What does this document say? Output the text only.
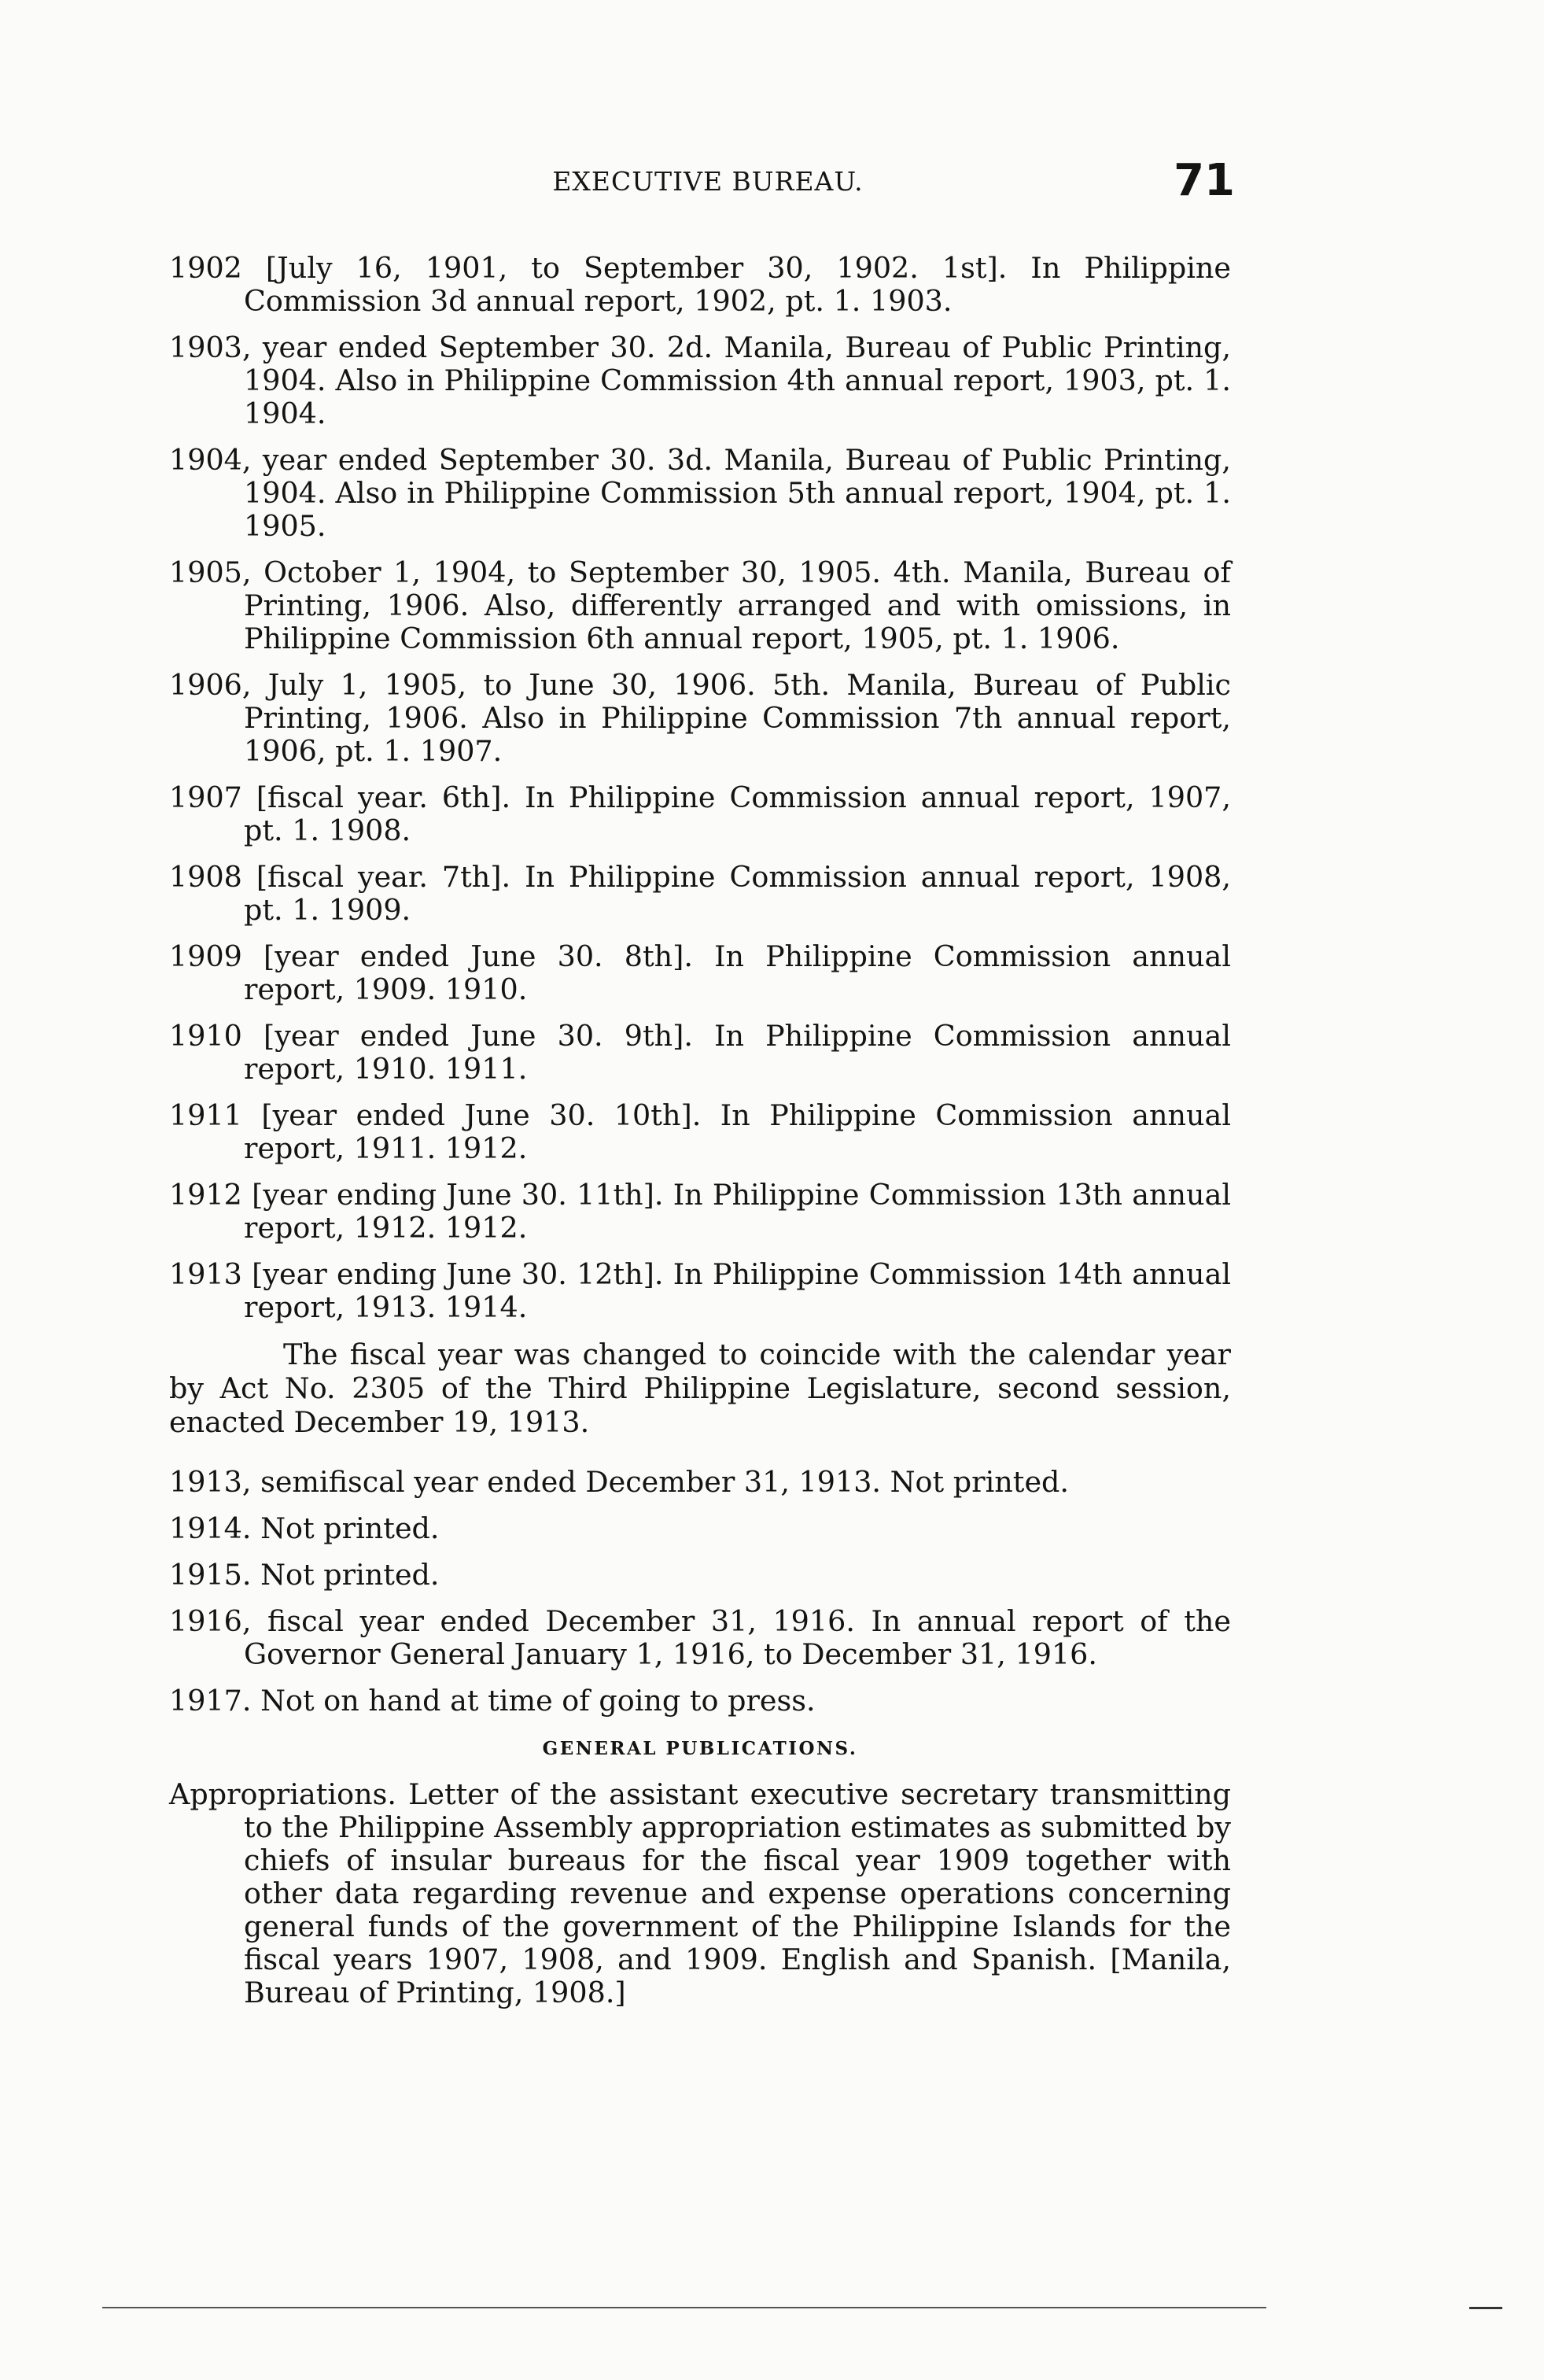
EXECUTIVE BUREAU.	71

1902 [July 16, 1901, to September 30, 1902. 1st]. In Philippine Commission 3d annual report, 1902, pt. 1. 1903.

1903, year ended September 30. 2d. Manila, Bureau of Public Printing, 1904. Also in Philippine Commission 4th annual report, 1903, pt. 1. 1904.

1904, year ended September 30. 3d. Manila, Bureau of Public Printing, 1904. Also in Philippine Commission 5th annual report, 1904, pt. 1. 1905.

1905, October 1, 1904, to September 30, 1905. 4th. Manila, Bureau of Printing, 1906. Also, differently arranged and with omissions, in Philippine Commission 6th annual report, 1905, pt. 1. 1906.

1906, July 1, 1905, to June 30, 1906. 5th. Manila, Bureau of Public Printing, 1906. Also in Philippine Commission 7th annual report, 1906, pt. 1. 1907.

1907 [fiscal year. 6th]. In Philippine Commission annual report, 1907, pt. 1. 1908.

1908 [fiscal year. 7th]. In Philippine Commission annual report, 1908, pt. 1. 1909.

1909 [year ended June 30. 8th]. In Philippine Commission annual report, 1909. 1910.

1910 [year ended June 30. 9th]. In Philippine Commission annual report, 1910. 1911.

1911 [year ended June 30. 10th]. In Philippine Commission annual report, 1911. 1912.

1912 [year ending June 30. 11th]. In Philippine Commission 13th annual report, 1912. 1912.

1913 [year ending June 30. 12th]. In Philippine Commission 14th annual report, 1913. 1914.

The fiscal year was changed to coincide with the calendar year by Act No. 2305 of the Third Philippine Legislature, second session, enacted December 19, 1913.

1913, semifiscal year ended December 31, 1913. Not printed.

1914. Not printed.

1915. Not printed.

1916, fiscal year ended December 31, 1916. In annual report of the Governor General January 1, 1916, to December 31, 1916.

1917. Not on hand at time of going to press.

GENERAL PUBLICATIONS.

Appropriations. Letter of the assistant executive secretary transmitting to the Philippine Assembly appropriation estimates as submitted by chiefs of insular bureaus for the fiscal year 1909 together with other data regarding revenue and expense operations concerning general funds of the government of the Philippine Islands for the fiscal years 1907, 1908, and 1909. English and Spanish. [Manila, Bureau of Printing, 1908.]
